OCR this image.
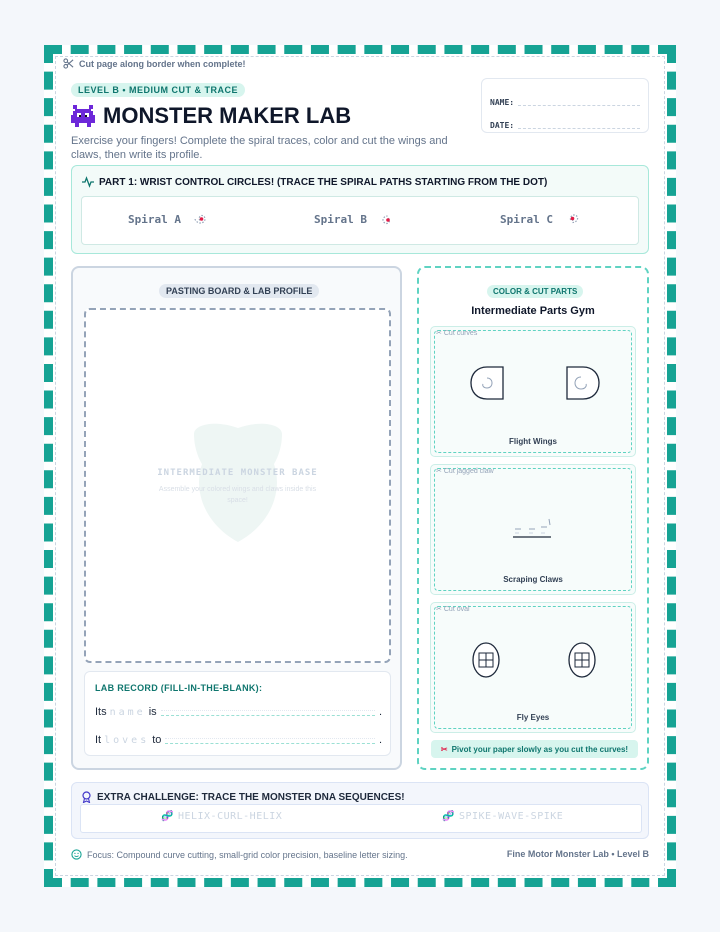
Cut page along border when complete!
LEVEL B • MEDIUM CUT & TRACE
MONSTER MAKER LAB
Exercise your fingers! Complete the spiral traces, color and cut the wings and claws, then write its profile.
NAME:
DATE:
PART 1: WRIST CONTROL CIRCLES! (TRACE THE SPIRAL PATHS STARTING FROM THE DOT)
Spiral A	Spiral B	Spiral C
PASTING BOARD & LAB PROFILE
INTERMEDIATE MONSTER BASE
Assemble your colored wings and claws inside this space!
LAB RECORD (FILL-IN-THE-BLANK):
Its name is	.
It loves to	.
COLOR & CUT PARTS
Intermediate Parts Gym
✂ Cut curves
Flight Wings
✂ Cut jagged claw
Scraping Claws
✂ Cut oval
Fly Eyes
✂ Pivot your paper slowly as you cut the curves!
EXTRA CHALLENGE: TRACE THE MONSTER DNA SEQUENCES!
🧬 HELIX-CURL-HELIX	🧬 SPIKE-WAVE-SPIKE
Focus: Compound curve cutting, small-grid color precision, baseline letter sizing.	Fine Motor Monster Lab • Level B
